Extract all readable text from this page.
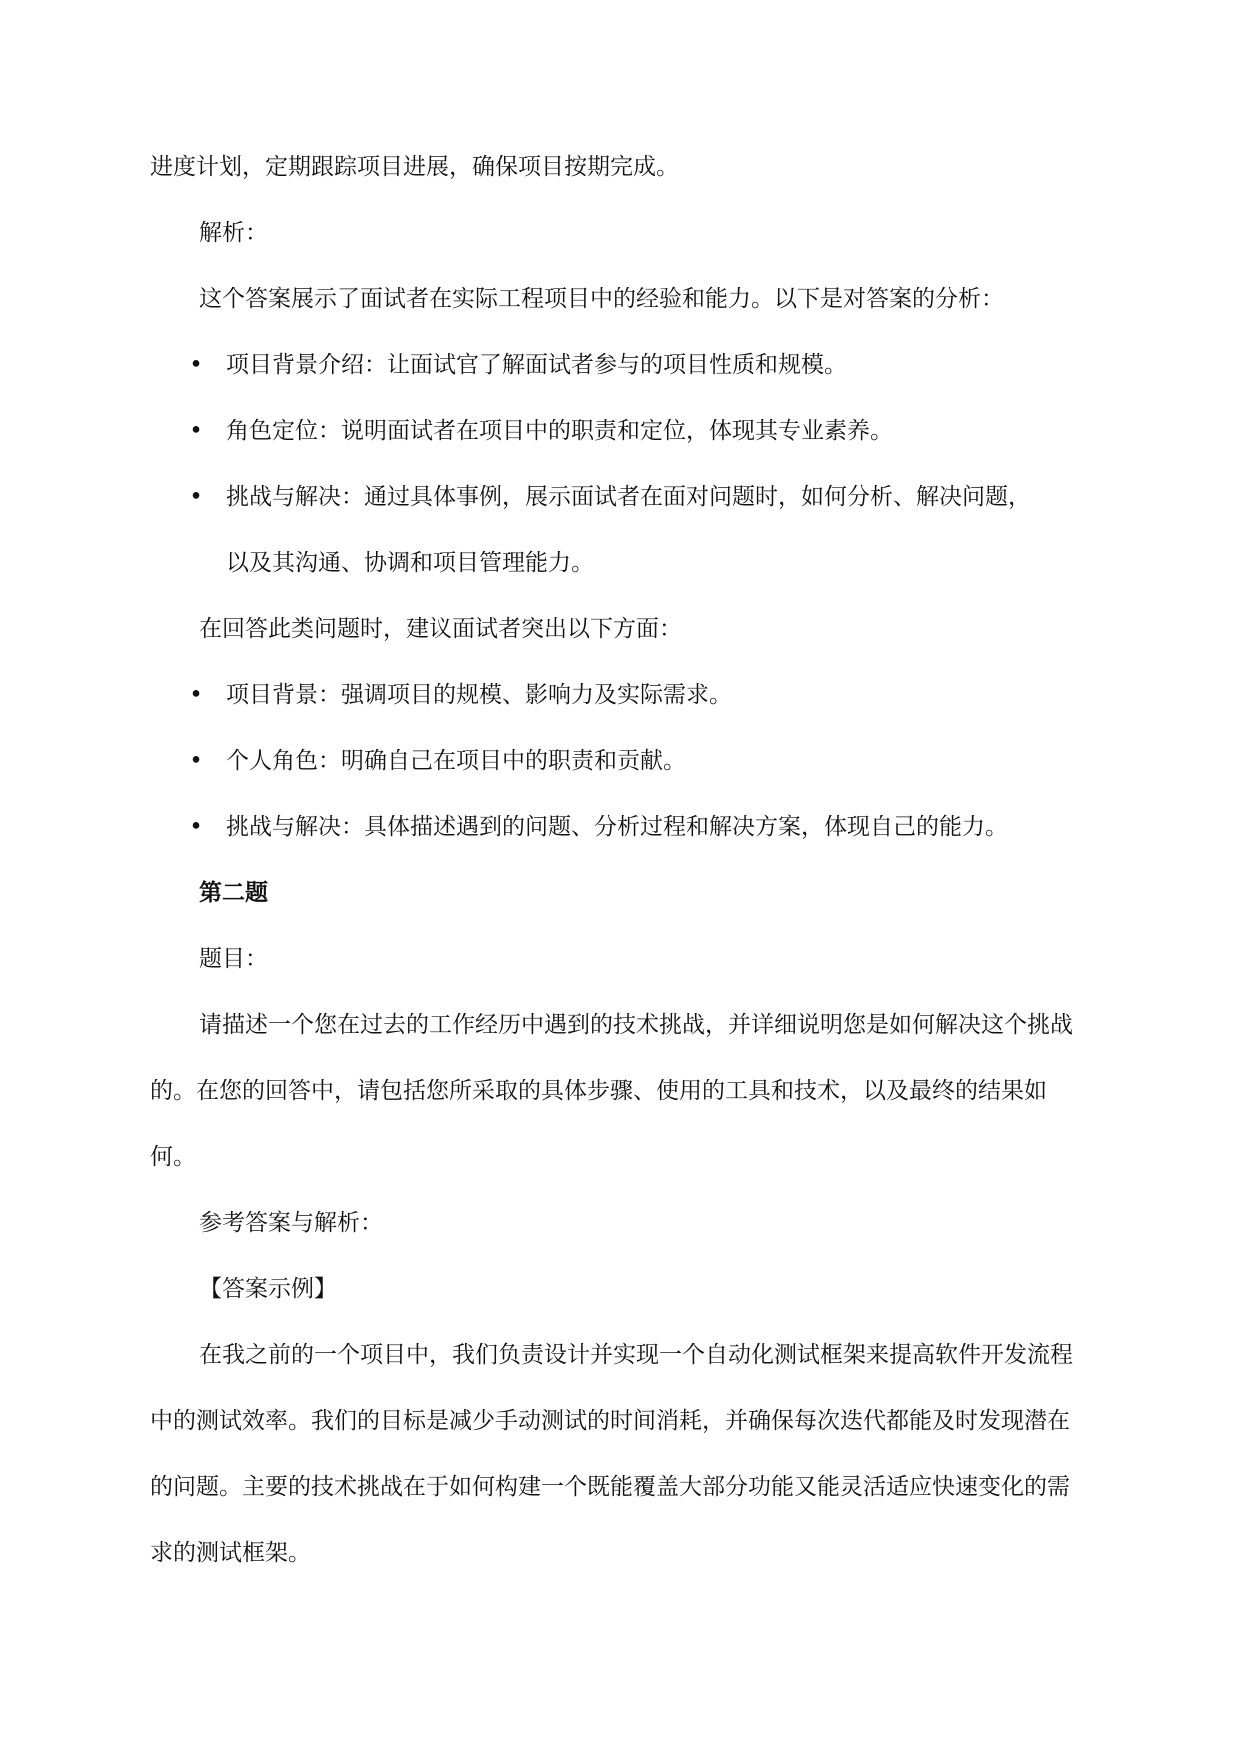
进度计划，定期跟踪项目进展，确保项目按期完成。

解析：

这个答案展示了面试者在实际工程项目中的经验和能力。以下是对答案的分析：

• 项目背景介绍：让面试官了解面试者参与的项目性质和规模。
• 角色定位：说明面试者在项目中的职责和定位，体现其专业素养。
• 挑战与解决：通过具体事例，展示面试者在面对问题时，如何分析、解决问题，

以及其沟通、协调和项目管理能力。

在回答此类问题时，建议面试者突出以下方面：

• 项目背景：强调项目的规模、影响力及实际需求。
• 个人角色：明确自己在项目中的职责和贡献。
• 挑战与解决：具体描述遇到的问题、分析过程和解决方案，体现自己的能力。

第二题

题目：

请描述一个您在过去的工作经历中遇到的技术挑战，并详细说明您是如何解决这个挑战的。在您的回答中，请包括您所采取的具体步骤、使用的工具和技术，以及最终的结果如何。

参考答案与解析：

【答案示例】

在我之前的一个项目中，我们负责设计并实现一个自动化测试框架来提高软件开发流程中的测试效率。我们的目标是减少手动测试的时间消耗，并确保每次迭代都能及时发现潜在的问题。主要的技术挑战在于如何构建一个既能覆盖大部分功能又能灵活适应快速变化的需求的测试框架。
